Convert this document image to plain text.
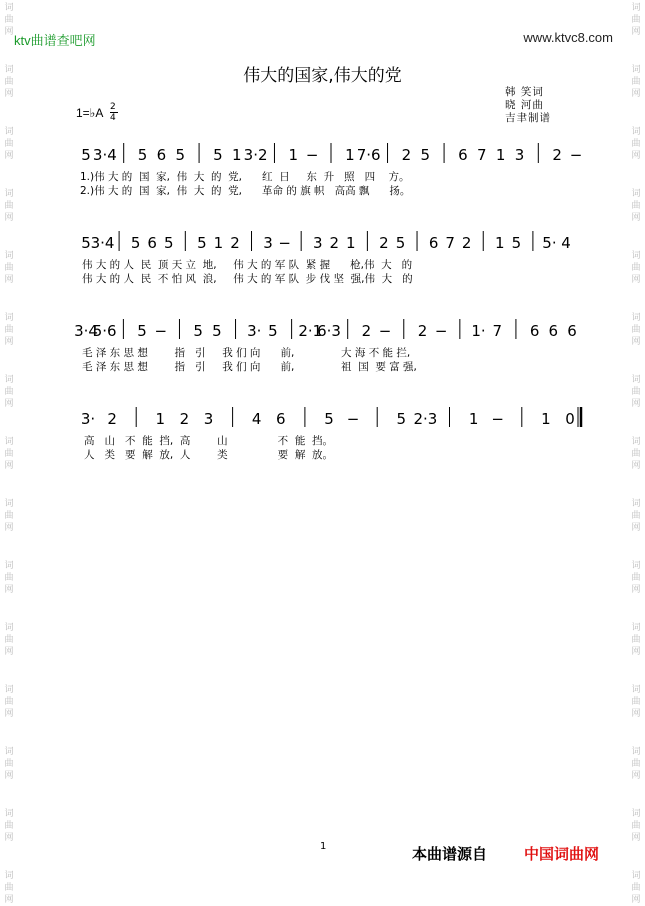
词
曲
网
词
曲
网
词
曲
网
词
曲
网
词
曲
网
词
曲
网
词
曲
网
词
曲
网
词
曲
网
词
曲
网
词
曲
网
词
曲
网
词
曲
网
词
曲
网
词
曲
网
词
曲
网
词
曲
网
词
曲
网
词
曲
网
词
曲
网
词
曲
网
词
曲
网
词
曲
网
词
曲
网
词
曲
网
词
曲
网
词
曲
网
词
曲
网
词
曲
网
词
曲
网
ktv曲谱查吧网	www.ktvc8.com
伟大的国家,伟大的党
韩 笑词
晓 河曲
吉聿制谱
1=♭A 2
4
5 3·4 5 6 5 5 1 3·2 1 − 1 7·6 2 5 6 7 1 3 2 −
5 3·4 5 6 5 5 1 2 3 − 3 2 1 2 5 6 7 2 1 5 5· 4
3·4
5·6 5 − 5 5 3· 5 2·1
6·3 2 − 2 − 1· 7 6 6 6
3· 2	1 2 3	4 6	5 − 5 2·3 1 − 1 0
1.)伟 大 的  国  家,  伟  大  的  党,      红  日     东  升   照   四    方。
2.)伟 大 的  国  家,  伟  大  的  党,      革命 的 旗 帜   高高 飘      扬。
伟 大 的 人  民  顶 天 立  地,     伟 大 的 军 队  紧 握      枪,伟  大   的
伟 大 的 人  民  不 怕 风  浪,     伟 大 的 军 队  步 伐 坚  强,伟  大   的
毛 泽 东 思 想        指   引     我 们 向      前,              大 海 不 能 拦,
毛 泽 东 思 想        指   引     我 们 向      前,              祖  国  要 富 强,
高   山   不  能  挡,  高        山               不  能  挡。
人   类   要  解  放,  人        类               要  解  放。
1	本曲谱源自 中国词曲网
